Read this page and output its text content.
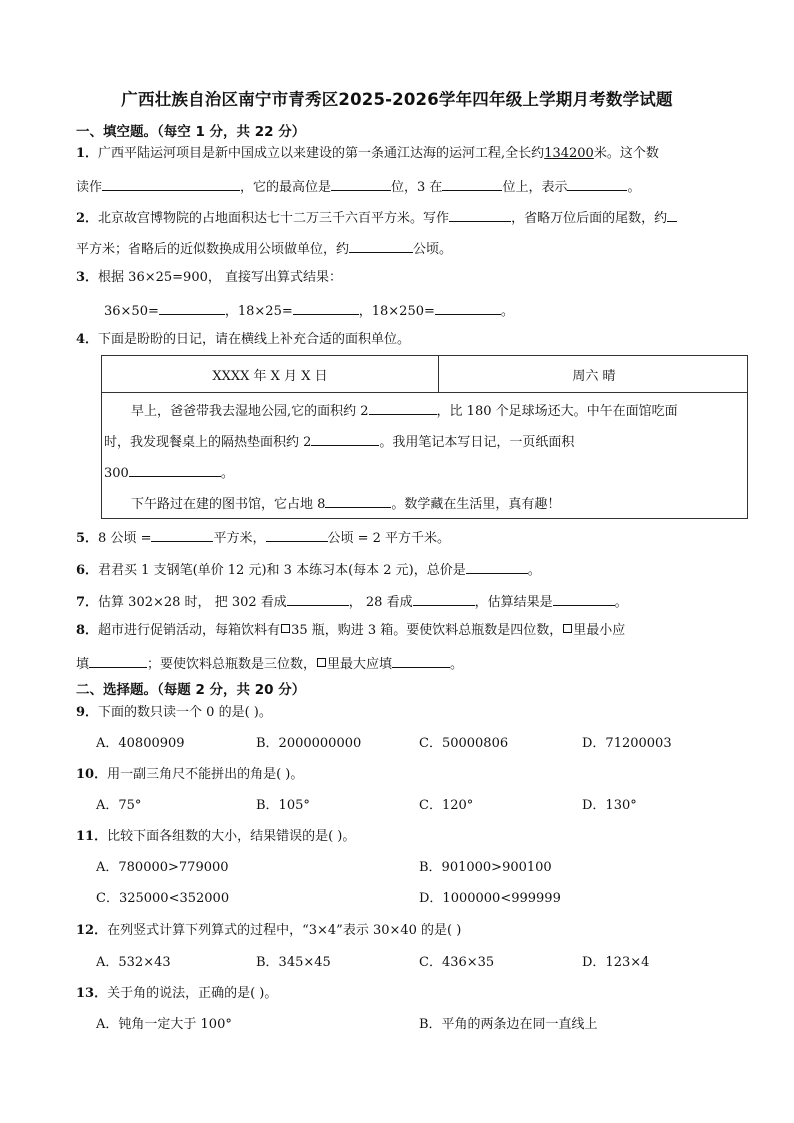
广西壮族自治区南宁市青秀区2025-2026学年四年级上学期月考数学试题
一、填空题。（每空 1 分，共 22 分）
1．广西平陆运河项目是新中国成立以来建设的第一条通江达海的运河工程,全长约134200米。这个数
读作	，它的最高位是	位，3 在	位上，表示	。
2．北京故宫博物院的占地面积达七十二万三千六百平方米。写作	，省略万位后面的尾数，约
平方米；省略后的近似数换成用公顷做单位，约	公顷。
3．根据 36×25=900， 直接写出算式结果：
36×50=	，18×25=	，18×250=	。
4．下面是盼盼的日记，请在横线上补充合适的面积单位。
XXXX 年 X 月 X 日	周六 晴
早上，爸爸带我去湿地公园,它的面积约 2	，比 180 个足球场还大。中午在面馆吃面
时，我发现餐桌上的隔热垫面积约 2	。我用笔记本写日记，一页纸面积
300	。
下午路过在建的图书馆，它占地 8	。数学藏在生活里，真有趣！
5．8 公顷 =	平方米，	公顷 = 2 平方千米。
6．君君买 1 支钢笔(单价 12 元)和 3 本练习本(每本 2 元)，总价是	。
7．估算 302×28 时， 把 302 看成	， 28 看成	，估算结果是	。
8．超市进行促销活动，每箱饮料有 35 瓶，购进 3 箱。要使饮料总瓶数是四位数， 里最小应
填	；要使饮料总瓶数是三位数， 里最大应填	。
二、选择题。（每题 2 分，共 20 分）
9．下面的数只读一个 0 的是( )。
A．40800909	B．2000000000	C．50000806	D．71200003
10．用一副三角尺不能拼出的角是( )。
A．75°	B．105°	C．120°	D．130°
11．比较下面各组数的大小，结果错误的是( )。
A．780000>779000	B．901000>900100
C．325000<352000	D．1000000<999999
12．在列竖式计算下列算式的过程中，“3×4”表示 30×40 的是( )
A．532×43	B．345×45	C．436×35	D．123×4
13．关于角的说法，正确的是( )。
A．钝角一定大于 100°	B．平角的两条边在同一直线上
